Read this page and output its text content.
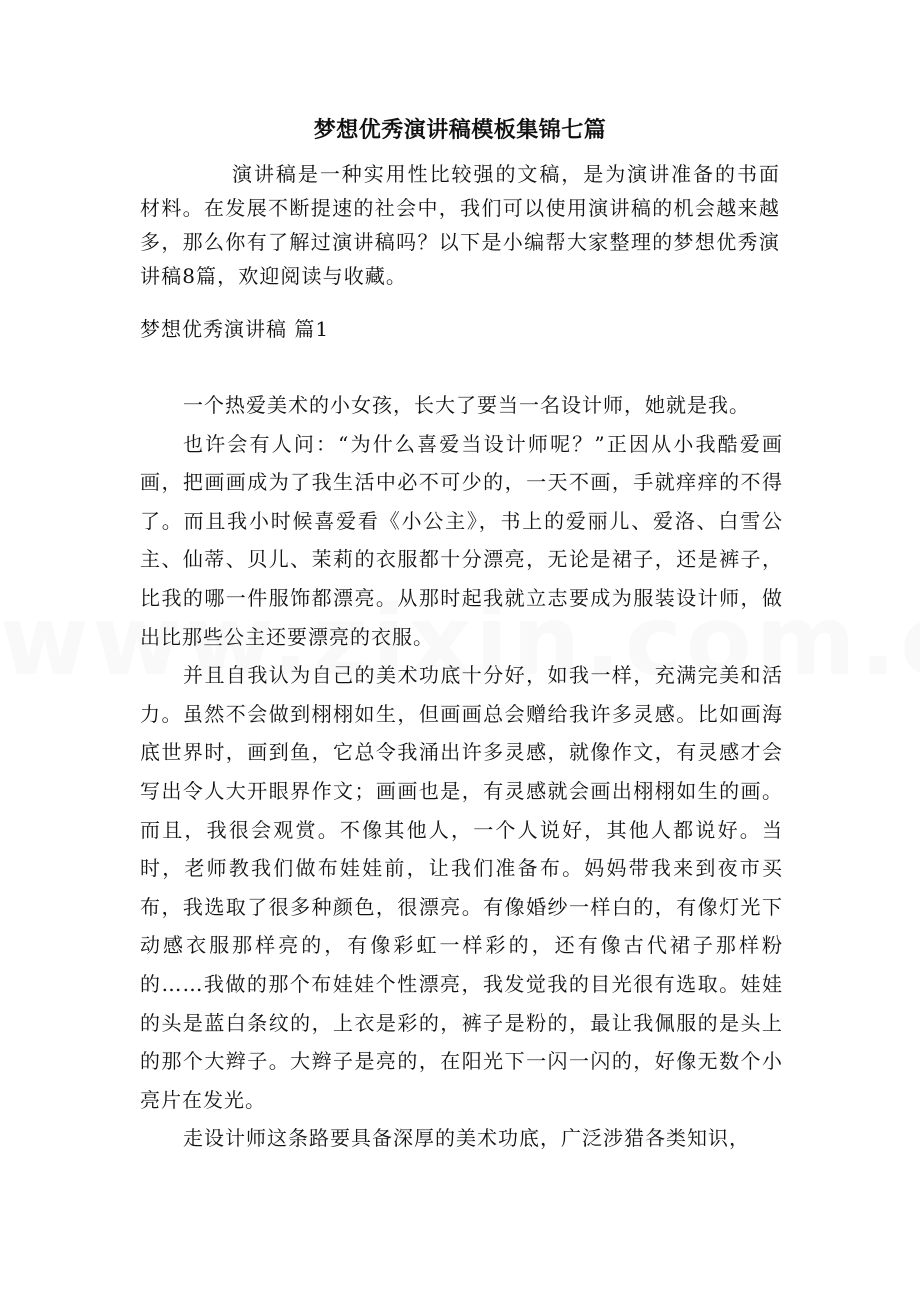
梦想优秀演讲稿模板集锦七篇

演讲稿是一种实用性比较强的文稿，是为演讲准备的书面材料。在发展不断提速的社会中，我们可以使用演讲稿的机会越来越多，那么你有了解过演讲稿吗？以下是小编帮大家整理的梦想优秀演讲稿8篇，欢迎阅读与收藏。

梦想优秀演讲稿 篇1

一个热爱美术的小女孩，长大了要当一名设计师，她就是我。

也许会有人问：“为什么喜爱当设计师呢？”正因从小我酷爱画画，把画画成为了我生活中必不可少的，一天不画，手就痒痒的不得了。而且我小时候喜爱看《小公主》，书上的爱丽儿、爱洛、白雪公主、仙蒂、贝儿、茉莉的衣服都十分漂亮，无论是裙子，还是裤子，比我的哪一件服饰都漂亮。从那时起我就立志要成为服装设计师，做出比那些公主还要漂亮的衣服。

并且自我认为自己的美术功底十分好，如我一样，充满完美和活力。虽然不会做到栩栩如生，但画画总会赠给我许多灵感。比如画海底世界时，画到鱼，它总令我涌出许多灵感，就像作文，有灵感才会写出令人大开眼界作文；画画也是，有灵感就会画出栩栩如生的画。而且，我很会观赏。不像其他人，一个人说好，其他人都说好。当时，老师教我们做布娃娃前，让我们准备布。妈妈带我来到夜市买布，我选取了很多种颜色，很漂亮。有像婚纱一样白的，有像灯光下动感衣服那样亮的，有像彩虹一样彩的，还有像古代裙子那样粉的……我做的那个布娃娃个性漂亮，我发觉我的目光很有选取。娃娃的头是蓝白条纹的，上衣是彩的，裤子是粉的，最让我佩服的是头上的那个大辫子。大辫子是亮的，在阳光下一闪一闪的，好像无数个小亮片在发光。

走设计师这条路要具备深厚的美术功底，广泛涉猎各类知识，
